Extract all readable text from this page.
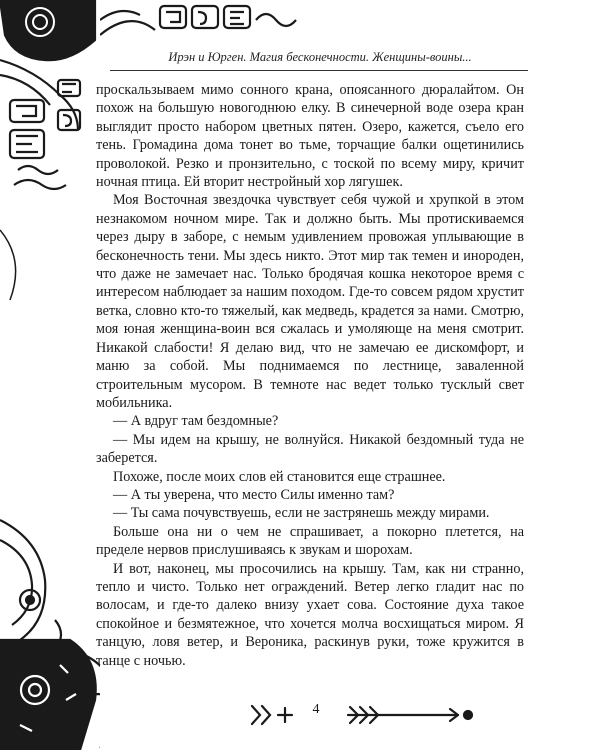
Ирэн и Юрген. Магия бесконечности. Женщины-воины...

проскальзываем мимо сонного крана, опоясанного дюралайтом. Он похож на большую новогоднюю елку. В синечерной воде озера кран выглядит просто набором цветных пятен. Озеро, кажется, съело его тень. Громадина дома тонет во тьме, торчащие балки ощетинились проволокой. Резко и пронзительно, с тоской по всему миру, кричит ночная птица. Ей вторит нестройный хор лягушек.

Моя Восточная звездочка чувствует себя чужой и хрупкой в этом незнакомом ночном мире. Так и должно быть. Мы протискиваемся через дыру в заборе, с немым удивлением провожая уплывающие в бесконечность тени. Мы здесь никто. Этот мир так темен и инороден, что даже не замечает нас. Только бродячая кошка некоторое время с интересом наблюдает за нашим походом. Где-то совсем рядом хрустит ветка, словно кто-то тяжелый, как медведь, крадется за нами. Смотрю, моя юная женщина-воин вся сжалась и умоляюще на меня смотрит. Никакой слабости! Я делаю вид, что не замечаю ее дискомфорт, и маню за собой. Мы поднимаемся по лестнице, заваленной строительным мусором. В темноте нас ведет только тусклый свет мобильника.

— А вдруг там бездомные?

— Мы идем на крышу, не волнуйся. Никакой бездомный туда не заберется.

Похоже, после моих слов ей становится еще страшнее.

— А ты уверена, что место Силы именно там?

— Ты сама почувствуешь, если не застрянешь между мирами.

Больше она ни о чем не спрашивает, а покорно плетется, на пределе нервов прислушиваясь к звукам и шорохам.

И вот, наконец, мы просочились на крышу. Там, как ни странно, тепло и чисто. Только нет ограждений. Ветер легко гладит нас по волосам, и где-то далеко внизу ухает сова. Состояние духа такое спокойное и безмятежное, что хочется молча восхищаться миром. Я танцую, ловя ветер, и Вероника, раскинув руки, тоже кружится в танце с ночью.

4
